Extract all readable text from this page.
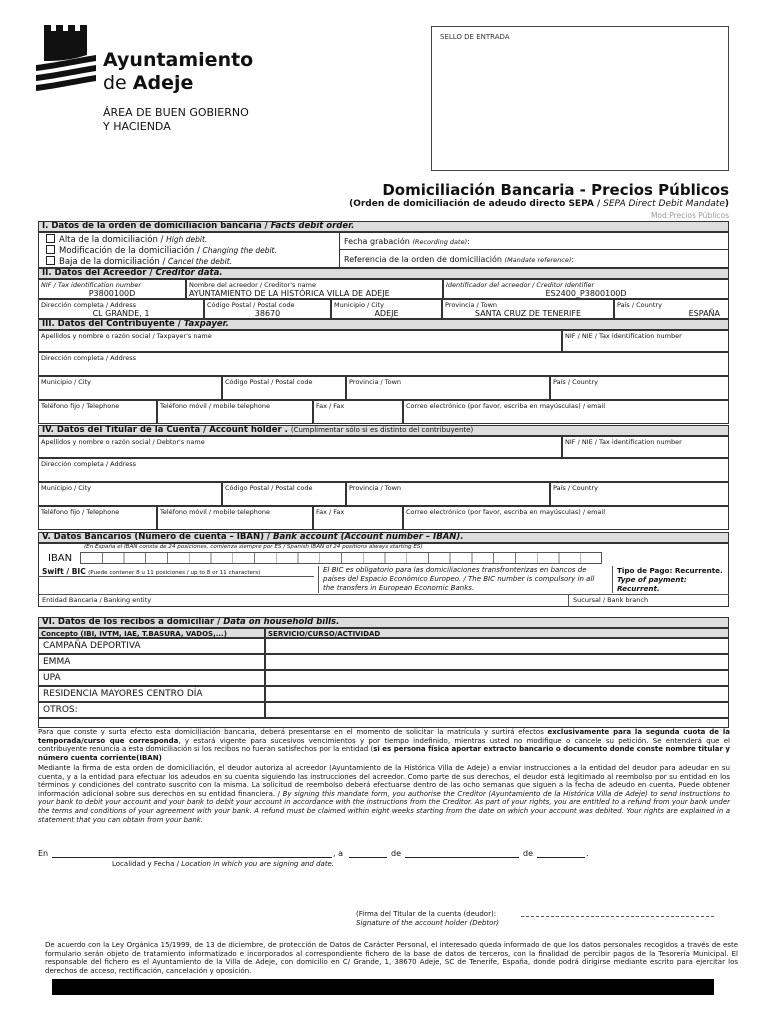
Ayuntamiento
de Adeje
ÁREA DE BUEN GOBIERNO
Y HACIENDA
SELLO DE ENTRADA
Domiciliación Bancaria - Precios Públicos
(Orden de domiciliación de adeudo directo SEPA / SEPA Direct Debit Mandate)
Mod:Precios Públicos
I. Datos de la orden de domiciliación bancaria / Facts debit order.
Alta de la domiciliación / High debit.
Modificación de la domiciliación / Changing the debit.
Baja de la domiciliación / Cancel the debit.
Fecha grabación (Recording date):
Referencia de la orden de domiciliación (Mandate reference):
II. Datos del Acreedor / Creditor data.
NIF / Tax identification number
P3800100D
Nombre del acreedor / Creditor's name
AYUNTAMIENTO DE LA HISTÓRICA VILLA DE ADEJE
Identificador del acreedor / Creditor Identifier
ES2400_P3800100D
Dirección completa / Address
CL GRANDE, 1
Código Postal / Postal code
38670
Municipio / City
ADEJE
Provincia / Town
SANTA CRUZ DE TENERIFE
País / Country
ESPAÑA
III. Datos del Contribuyente / Taxpayer.
Apellidos y nombre o razón social / Taxpayer's name	NIF / NIE / Tax identification number
Dirección completa / Address
Municipio / City	Código Postal / Postal code	Provincia / Town	País / Country
Teléfono fijo / Telephone	Teléfono móvil / mobile telephone	Fax / Fax	Correo electrónico (por favor, escriba en mayúsculas) / email
IV. Datos del Titular de la Cuenta / Account holder . (Cumplimentar sólo si es distinto del contribuyente)
Apellidos y nombre o razón social / Debtor's name	NIF / NIE / Tax identification number
Dirección completa / Address
Municipio / City	Código Postal / Postal code	Provincia / Town	País / Country
Teléfono fijo / Telephone	Teléfono móvil / mobile telephone	Fax / Fax	Correo electrónico (por favor, escriba en mayúsculas) / email
V. Datos Bancarios (Número de cuenta – IBAN) / Bank account (Account number – IBAN).
(En España el IBAN consta de 24 posiciones, comienza siempre por ES / Spanish IBAN of 24 positions always starting ES)
IBAN
Swift / BIC (Puede contener 8 u 11 posiciones / up to 8 or 11 characters)	El BIC es obligatorio para las domiciliaciones transfronterizas en bancos de países del Espacio Económico Europeo. / The BIC number is compulsory in all the transfers in European Economic Banks.
Tipo de Pago: Recurrente.
Type of payment: Recurrent.
Entidad Bancaria / Banking entity	Sucursal / Bank branch
VI. Datos de los recibos a domiciliar / Data on household bills.
Concepto (IBI, IVTM, IAE, T.BASURA, VADOS,...)	SERVICIO/CURSO/ACTIVIDAD
CAMPAÑA DEPORTIVA
EMMA
UPA
RESIDENCIA MAYORES CENTRO DÍA
OTROS:
Para que conste y surta efecto esta domiciliación bancaria, deberá presentarse en el momento de solicitar la matrícula y surtirá efectos exclusivamente para la segunda cuota de la temporada/curso que corresponda, y estará vigente para sucesivos vencimientos y por tiempo indefinido, mientras usted no modifique o cancele su petición. Se entenderá que el contribuyente renuncia a esta domiciliación si los recibos no fueran satisfechos por la entidad (si es persona física aportar extracto bancario o documento donde conste nombre titular y número cuenta corriente(IBAN)
Mediante la firma de esta orden de domiciliación, el deudor autoriza al acreedor (Ayuntamiento de la Histórica Villa de Adeje) a enviar instrucciones a la entidad del deudor para adeudar en su cuenta, y a la entidad para efectuar los adeudos en su cuenta siguiendo las instrucciones del acreedor. Como parte de sus derechos, el deudor está legitimado al reembolso por su entidad en los términos y condiciones del contrato suscrito con la misma. La solicitud de reembolso deberá efectuarse dentro de las ocho semanas que siguen a la fecha de adeudo en cuenta. Puede obtener información adicional sobre sus derechos en su entidad financiera. / By signing this mandate form, you authorise the Creditor (Ayuntamiento de la Histórica Villa de Adeje) to send instructions to your bank to debit your account and your bank to debit your account in accordance with the instructions from the Creditor. As part of your rights, you are entitled to a refund from your bank under the terms and conditions of your agreement with your bank. A refund must be claimed within eight weeks starting from the date on which your account was debited. Your rights are explained in a statement that you can obtain from your bank.
En	, a	de	de	.
Localidad y Fecha / Location in which you are signing and date.
(Firma del Titular de la cuenta (deudor):
Signature of the account holder (Debtor)
De acuerdo con la Ley Orgánica 15/1999, de 13 de diciembre, de protección de Datos de Carácter Personal, el interesado queda informado de que los datos personales recogidos a través de este formulario serán objeto de tratamiento informatizado e incorporados al correspondiente fichero de la base de datos de terceros, con la finalidad de percibir pagos de la Tesorería Municipal. El responsable del fichero es el Ayuntamiento de la Villa de Adeje, con domicilio en C/ Grande, 1, 38670 Adeje, SC de Tenerife, España, donde podrá dirigirse mediante escrito para ejercitar los derechos de acceso, rectificación, cancelación y oposición.
